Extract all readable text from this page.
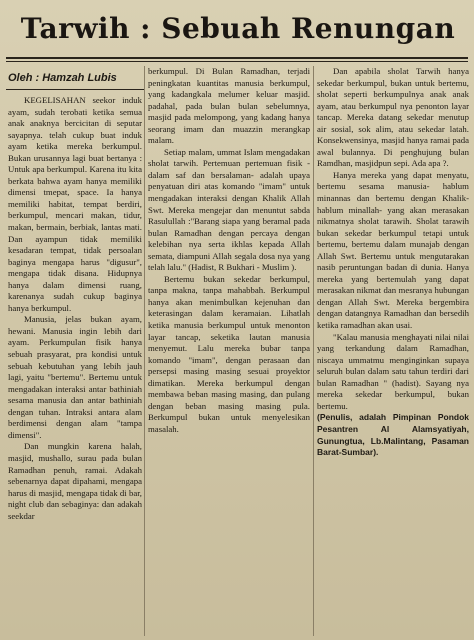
Tarwih : Sebuah Renungan
Oleh : Hamzah Lubis

KEGELISAHAN seekor induk ayam, sudah terobati ketika semua anak anaknya bercicitan di seputar sayapnya. telah cukup buat induk ayam ketika mereka berkumpul. Bukan urusannya lagi buat bertanya : Untuk apa berkumpul. Karena itu kita berkata bahwa ayam hanya memiliki dimensi tmepat, space. Ia hanya memiliki habitat, tempat berdiri, berkumpul, mencari makan, tidur, makan, bermain, berbiak, lantas mati. Dan ayampun tidak memiliki kesadaran tempat, tidak persoalan baginya mengapa harus "digusur", mengapa tidak disana. Hidupnya hanya dalam dimensi ruang, karenanya sudah cukup baginya hanya berkumpul.

Manusia, jelas bukan ayam, hewani. Manusia ingin lebih dari ayam. Perkumpulan fisik hanya sebuah prasyarat, pra kondisi untuk sebuah kebutuhan yang lebih jauh lagi, yaitu "bertemu". Bertemu untuk mengadakan interaksi antar bathiniah sesama manusia dan antar bathiniah dengan tuhan. Intraksi antara alam berdimensi dengan alam "tampa dimensi".

Dan mungkin karena halah, masjid, mushallo, surau pada bulan Ramadhan penuh, ramai. Adakah sebenarnya dapat dipahami, mengapa harus di masjid, mengapa tidak di bar, night club dan sebaginya: dan adakah seekdar

berkumpul. Di Bulan Ramadhan, terjadi peningkatan kuantitas manusia berkumpul, yang kadangkala melumer keluar masjid. padahal, pada bulan bulan sebelumnya, masjid pada melompong, yang kadang hanya seorang imam dan muazzin merangkap malam.

Setiap malam, ummat Islam mengadakan sholat tarwih. Pertemuan pertemuan fisik - dalam saf dan bersalaman- adalah upaya penyatuan diri atas komando "imam" untuk mengadakan interaksi dengan Khalik Allah Swt. Mereka mengejar dan menuntut sabda Rasulullah :"Barang siapa yang beramal pada bulan Ramadhan dengan percaya dengan kelebihan nya serta ikhlas kepada Allah semata, diampuni Allah segala dosa nya yang telah lalu." (Hadist, R Bukhari - Muslim ).

Bertemu bukan sekedar berkumpul, tanpa makna, tanpa mahabbah. Berkumpul hanya akan menimbulkan kejenuhan dan keterasingan dalam keramaian. Lihatlah ketika manusia berkumpul untuk menonton layar tancap, seketika lautan manusia menyemut. Lalu mereka bubar tanpa komando "imam", dengan perasaan dan persepsi masing masing sesuai proyektor dimatikan. Mereka berkumpul dengan membawa beban masing masing, dan pulang dengan beban masing masing pula. Berkumpul bukan untuk menyelesikan masalah.

Dan apabila sholat Tarwih hanya sekedar berkumpul, bukan untuk bertemu, sholat seperti berkumpulnya anak anak ayam, atau berkumpul nya penonton layar tancap. Mereka datang sekedar menutup air sosial, sok alim, atau sekedar latah. Konsekwensinya, masjid hanya ramai pada awal bulannya. Di penghujung bulan Ramdhan, masjidpun sepi. Ada apa ?.

Hanya mereka yang dapat menyatu, bertemu sesama manusia- hablum minannas dan bertemu dengan Khalik- hablum minallah- yang akan merasakan nikmatnya sholat tarawih. Sholat tarawih bukan sekedar berkumpul tetapi untuk bertemu, bertemu dalam munajab dengan Allah Swt. Bertemu untuk mengutarakan nasib peruntungan badan di dunia. Hanya mereka yang bertemulah yang dapat merasakan nikmat dan mesranya hubungan dengan Allah Swt. Mereka bergembira dengan datangnya Ramadhan dan bersedih ketika ramadhan akan usai.

"Kalau manusia menghayati nilai nilai yang terkandung dalam Ramadhan, niscaya ummatmu menginginkan supaya seluruh bulan dalam satu tahun terdiri dari bulan Ramadhan " (hadist). Sayang nya mereka sekedar berkumpul, bukan bertemu.

(Penulis, adalah Pimpinan Pondok Pesantren Al Alamsyatiyah, Gunungtua, Lb.Malintang, Pasaman Barat-Sumbar).
